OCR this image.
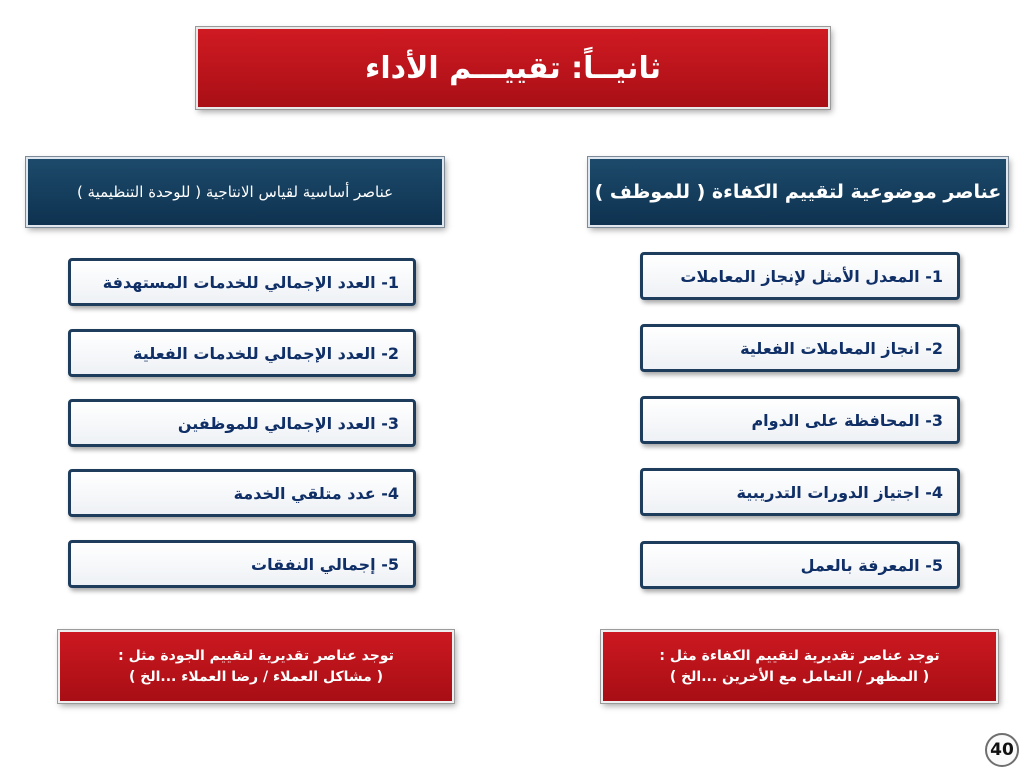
ثانيــاً: تقييـــم الأداء
عناصر موضوعية لتقييم الكفاءة ( للموظف )
عناصر أساسية لقياس الانتاجية ( للوحدة التنظيمية )
1- المعدل الأمثل لإنجاز المعاملات
2- انجاز المعاملات الفعلية
3- المحافظة على الدوام
4- اجتياز الدورات التدريبية
5- المعرفة بالعمل
1- العدد الإجمالي للخدمات المستهدفة
2- العدد الإجمالي للخدمات الفعلية
3- العدد الإجمالي للموظفين
4- عدد متلقي الخدمة
5- إجمالي النفقات
توجد عناصر تقديرية لتقييم الكفاءة مثل :
( المظهر / التعامل مع الأخرين ...الخ )
توجد عناصر تقديرية لتقييم الجودة مثل :
( مشاكل العملاء / رضا العملاء ...الخ )
40
